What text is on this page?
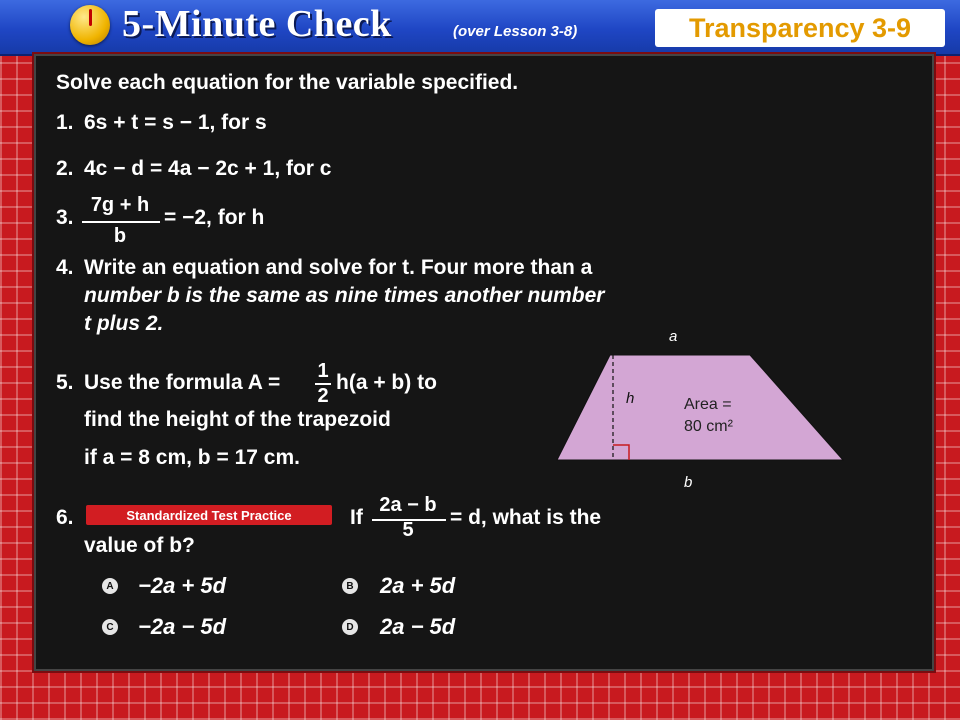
5-Minute Check	(over Lesson 3-8)	Transparency 3-9
Solve each equation for the variable specified.
1. 6s + t = s − 1, for s
2. 4c − d = 4a − 2c + 1, for c
3.
7g + h
b
= −2, for h
4. Write an equation and solve for t. Four more than a
number b is the same as nine times another number
t plus 2.
5. Use the formula A = 1
2
h(a + b) to
find the height of the trapezoid
if a = 8 cm, b = 17 cm.
a
b
h	Area =
80 cm²
6.	Standardized Test Practice	If
2a − b
5
= d, what is the
value of b?
A −2a + 5d	B 2a + 5d
C −2a − 5d	D 2a − 5d
